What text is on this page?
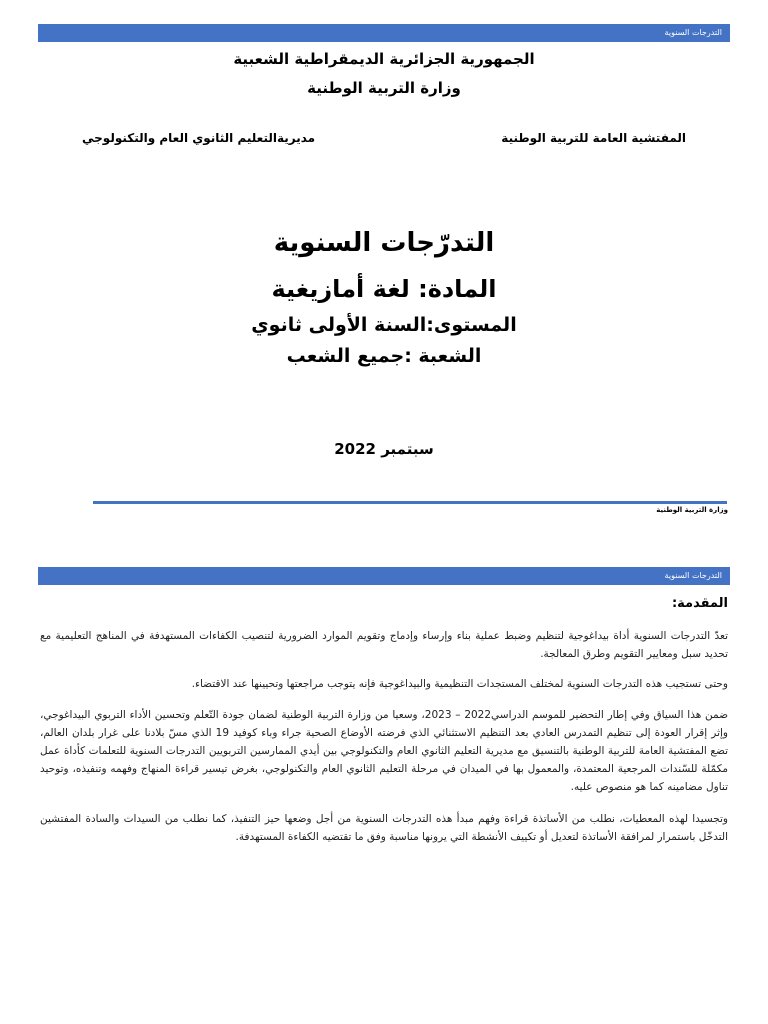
التدرجات السنوية
الجمهورية الجزائرية الديمقراطية الشعبية
وزارة التربية الوطنية
المفتشية العامة للتربية الوطنية
مديريةالتعليم الثانوي العام والتكنولوجي
التدرّجات السنوية
المادة: لغة أمازيغية
المستوى:السنة الأولى ثانوي
الشعبة :جميع الشعب
سبتمبر 2022
وزارة التربية الوطنية
التدرجات السنوية
المقدمة:
تعدّ التدرجات السنوية أداة بيداغوجية لتنظيم وضبط عملية بناء وإرساء وإدماج وتقويم الموارد الضرورية لتنصيب الكفاءات المستهدفة في المناهج التعليمية مع تحديد سبل ومعايير التقويم وطرق المعالجة.
وحتى تستجيب هذه التدرجات السنوية لمختلف المستجدات التنظيمية والبيداغوجية فإنه يتوجب مراجعتها وتحيينها عند الاقتضاء.
ضمن هذا السياق وفي إطار التحضير للموسم الدراسي2022 – 2023، وسعيا من وزارة التربية الوطنية لضمان جودة التّعلم وتحسين الأداء التربوي البيداغوجي، وإثر إقرار العودة إلى تنظيم التمدرس العادي بعد التنظيم الاستثنائي الذي فرضته الأوضاع الصحية جراء وباء كوفيد 19 الذي مسّ بلادنا على غرار بلدان العالم، تضع المفتشية العامة للتربية الوطنية بالتنسيق مع مديرية التعليم الثانوي العام والتكنولوجي بين أيدي الممارسين التربويين التدرجات السنوية للتعلمات كأداة عمل مكمّلة للسّندات المرجعية المعتمدة، والمعمول بها في الميدان في مرحلة التعليم الثانوي العام والتكنولوجي، بغرض تيسير قراءة المنهاج وفهمه وتنفيذه، وتوحيد تناول مضامينه كما هو منصوص عليه.
وتجسيدا لهذه المعطيات، نطلب من الأساتذة قراءة وفهم مبدأ هذه التدرجات السنوية من أجل وضعها حيز التنفيذ، كما نطلب من السيدات والسادة المفتشين التدخّل باستمرار لمرافقة الأساتذة لتعديل أو تكييف الأنشطة التي يرونها مناسبة وفق ما تقتضيه الكفاءة المستهدفة.
